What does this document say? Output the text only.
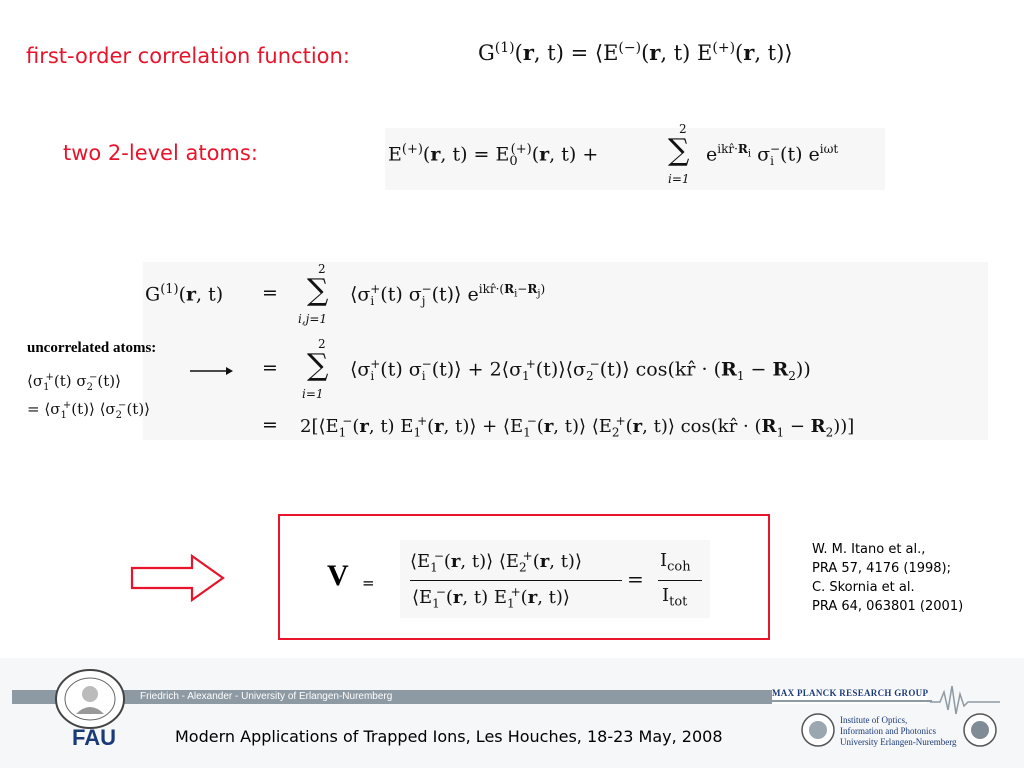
first-order correlation function:	$G^{(1)}(r$, t) = ⟨E(−)(r, t) E(+)(r, t)⟩
two 2-level atoms:	E(+)(r, $t) = E_0^{(+)}(r$, t) +
2
∑
i=1
$e^{ikr̂\cdot R_i}$ $\sigma_i^-(t)$ $e^{i\omega t}$
$G^{(1)}(r$, t) =
2
∑
i,j=1
$⟨\sigma_i^+(t)$ $\sigma_j^-(t)⟩$ $e^{ikr̂\cdot(R_i-R_j)}$
uncorrelated atoms:
$⟨\sigma_1^+(t)$ $\sigma_2^-(t)⟩$
= $⟨\sigma_1^+(t)⟩$ $⟨\sigma_2^-(t)⟩$
=
2
∑
i=1
$⟨\sigma_i^+(t)$ $\sigma_i^-(t)⟩$ + $2⟨\sigma_1^+(t)⟩⟨\sigma_2^-(t)⟩$ cos(kr̂ · $(R_1 - R_2)$)
= $2[⟨E_1^-(r$, t) $E_1^+(r$, t)⟩ + $⟨E_1^-(r$, t)⟩ $⟨E_2^+(r$, t)⟩ cos(kr̂ · $(R_1 - R_2)$)]
V =
$⟨E_1^-(r$, t)⟩ $⟨E_2^+(r$, t)⟩
$⟨E_1^-(r$, t) $E_1^+(r$, t)⟩
=
$I_{coh}$
$I_{tot}$
W. M. Itano et al.,
PRA 57, 4176 (1998);
C. Skornia et al.
PRA 64, 063801 (2001)
Friedrich - Alexander - University of Erlangen-Nuremberg
FAU	Modern Applications of Trapped Ions, Les Houches, 18-23 May, 2008
MAX PLANCK RESEARCH GROUP
Institute of Optics,
Information and Photonics
University Erlangen-Nuremberg
